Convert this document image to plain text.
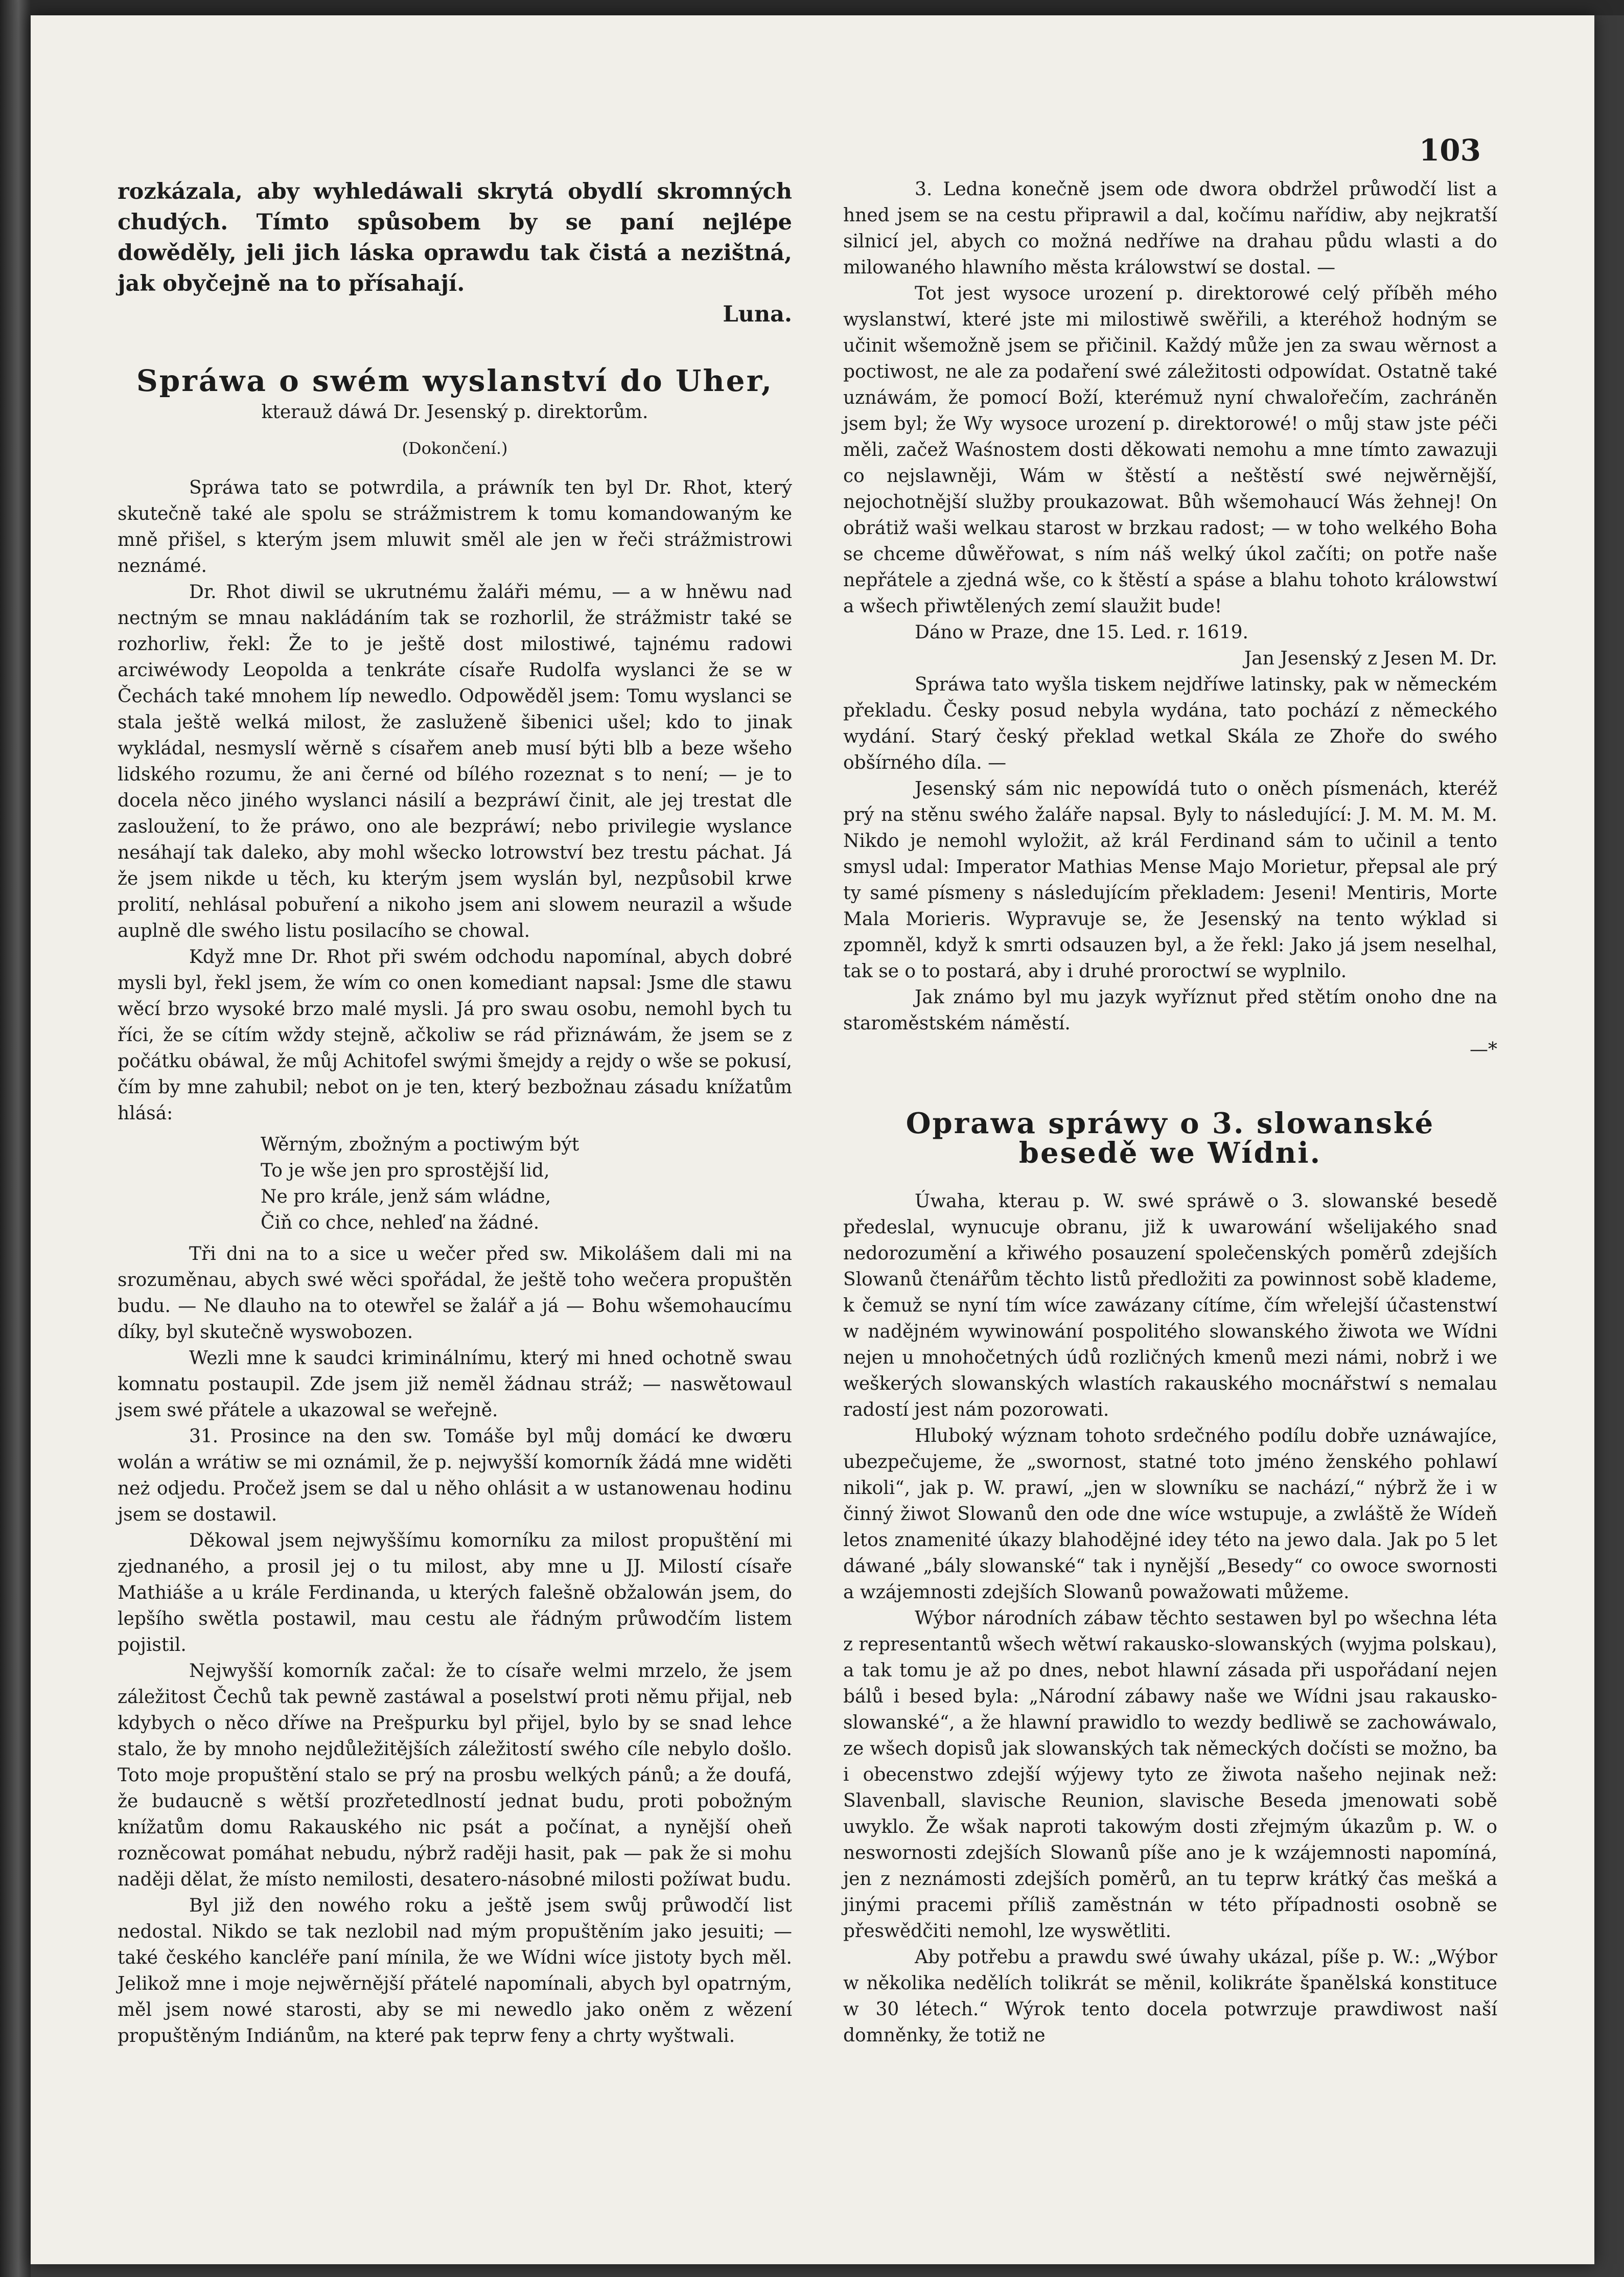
103

rozkázala, aby wyhledáwali skrytá obydlí skromných chudých. Tímto spůsobem by se paní nejlépe dowěděly, jeli jich láska oprawdu tak čistá a nezištná, jak obyčejně na to přísahají.

Luna.

Spráwa o swém wyslanství do Uher,

kterauž dáwá Dr. Jesenský p. direktorům.

(Dokončení.)

Spráwa tato se potwrdila, a práwník ten byl Dr. Rhot, který skutečně také ale spolu se strážmistrem k tomu komandowaným ke mně přišel, s kterým jsem mluwit směl ale jen w řeči strážmistrowi neznámé.

Dr. Rhot diwil se ukrutnému žaláři mému, — a w hněwu nad nectným se mnau nakládáním tak se rozhorlil, že strážmistr také se rozhorliw, řekl: Že to je ještě dost milostiwé, tajnému radowi arciwéwody Leopolda a tenkráte císaře Rudolfa wyslanci že se w Čechách také mnohem líp newedlo. Odpowěděl jsem: Tomu wyslanci se stala ještě welká milost, že zasluženě šibenici ušel; kdo to jinak wykládal, nesmyslí wěrně s císařem aneb musí býti blb a beze wšeho lidského rozumu, že ani černé od bílého rozeznat s to není; — je to docela něco jiného wyslanci násilí a bezpráwí činit, ale jej trestat dle zasloužení, to že práwo, ono ale bezpráwí; nebo privilegie wyslance nesáhají tak daleko, aby mohl wšecko lotrowství bez trestu páchat. Já že jsem nikde u těch, ku kterým jsem wyslán byl, nezpůsobil krwe prolití, nehlásal pobuření a nikoho jsem ani slowem neurazil a wšude auplně dle swého listu posilacího se chowal.

Když mne Dr. Rhot při swém odchodu napomínal, abych dobré mysli byl, řekl jsem, že wím co onen komediant napsal: Jsme dle stawu wěcí brzo wysoké brzo malé mysli. Já pro swau osobu, nemohl bych tu říci, že se cítím wždy stejně, ačkoliw se rád přiznáwám, že jsem se z počátku obáwal, že můj Achitofel swými šmejdy a rejdy o wše se pokusí, čím by mne zahubil; nebot on je ten, který bezbožnau zásadu knížatům hlásá:

Wěrným, zbožným a poctiwým být
To je wše jen pro sprostější lid,
Ne pro krále, jenž sám wládne,
Čiň co chce, nehleď na žádné.

Tři dni na to a sice u wečer před sw. Mikolášem dali mi na srozuměnau, abych swé wěci spořádal, že ještě toho wečera propuštěn budu. — Ne dlauho na to otewřel se žalář a já — Bohu wšemohaucímu díky, byl skutečně wyswobozen.

Wezli mne k saudci kriminálnímu, který mi hned ochotně swau komnatu postaupil. Zde jsem již neměl žádnau stráž; — naswětowaul jsem swé přátele a ukazowal se weřejně.

31. Prosince na den sw. Tomáše byl můj domácí ke dwœru wolán a wrátiw se mi oznámil, že p. nejwyšší komorník žádá mne widěti neż odjedu. Pročež jsem se dal u něho ohlásit a w ustanowenau hodinu jsem se dostawil.

Děkowal jsem nejwyššímu komorníku za milost propuštění mi zjednaného, a prosil jej o tu milost, aby mne u JJ. Milostí císaře Mathiáše a u krále Ferdinanda, u kterých falešně obžalowán jsem, do lepšího swětla postawil, mau cestu ale řádným průwodčím listem pojistil.

Nejwyšší komorník začal: že to císaře welmi mrzelo, že jsem záležitost Čechů tak pewně zastáwal a poselstwí proti němu přijal, neb kdybych o něco dříwe na Prešpurku byl přijel, bylo by se snad lehce stalo, že by mnoho nejdůležitějších záležitostí swého cíle nebylo došlo. Toto moje propuštění stalo se prý na prosbu welkých pánů; a že doufá, že budaucně s wětší prozřetedlností jednat budu, proti pobožným knížatům domu Rakauského nic psát a počínat, a nynější oheň rozněcowat pomáhat nebudu, nýbrž raději hasit, pak — pak že si mohu naději dělat, že místo nemilosti, desatero-násobné milosti požíwat budu.

Byl již den nowého roku a ještě jsem swůj průwodčí list nedostal. Nikdo se tak nezlobil nad mým propuštěním jako jesuiti; — také českého kancléře paní mínila, že we Wídni wíce jistoty bych měl. Jelikož mne i moje nejwěrnější přátelé napomínali, abych byl opatrným, měl jsem nowé starosti, aby se mi newedlo jako oněm z wězení propuštěným Indiánům, na které pak teprw feny a chrty wyštwali.

3. Ledna konečně jsem ode dwora obdržel průwodčí list a hned jsem se na cestu připrawil a dal, kočímu nařídiw, aby nejkratší silnicí jel, abych co možná nedříwe na drahau půdu wlasti a do milowaného hlawního města králowstwí se dostal. —

Tot jest wysoce urození p. direktorowé celý příběh mého wyslanstwí, které jste mi milostiwě swěřili, a kteréhož hodným se učinit wšemožně jsem se přičinil. Každý může jen za swau wěrnost a poctiwost, ne ale za podaření swé záležitosti odpowídat. Ostatně také uznáwám, že pomocí Boží, kterémuž nyní chwalořečím, zachráněn jsem byl; že Wy wysoce urození p. direktorowé! o můj staw jste péči měli, začež Waśnostem dosti děkowati nemohu a mne tímto zawazuji co nejslawněji, Wám w štěstí a neštěstí swé nejwěrnější, nejochotnější služby proukazowat. Bůh wšemohaucí Wás žehnej! On obrátiž waši welkau starost w brzkau radost; — w toho welkého Boha se chceme důwěřowat, s ním náš welký úkol začíti; on potře naše nepřátele a zjedná wše, co k štěstí a spáse a blahu tohoto králowstwí a wšech přiwtělených zemí slaužit bude!

Dáno w Praze, dne 15. Led. r. 1619.

Jan Jesenský z Jesen M. Dr.

Spráwa tato wyšla tiskem nejdříwe latinsky, pak w německém překladu. Česky posud nebyla wydána, tato pochází z německého wydání. Starý český překlad wetkal Skála ze Zhoře do swého obšírného díla. —

Jesenský sám nic nepowídá tuto o oněch písmenách, kteréž prý na stěnu swého žaláře napsal. Byly to následující: J. M. M. M. M. Nikdo je nemohl wyložit, až král Ferdinand sám to učinil a tento smysl udal: Imperator Mathias Mense Majo Morietur, přepsal ale prý ty samé písmeny s následujícím překladem: Jeseni! Mentiris, Morte Mala Morieris. Wypravuje se, že Jesenský na tento wýklad si zpomněl, když k smrti odsauzen byl, a že řekl: Jako já jsem neselhal, tak se o to postará, aby i druhé proroctwí se wyplnilo.

Jak známo byl mu jazyk wyříznut před stětím onoho dne na staroměstském náměstí.

—*

Oprawa spráwy o 3. slowanské besedě we Wídni.

Úwaha, kterau p. W. swé spráwě o 3. slowanské besedě předeslal, wynucuje obranu, již k uwarowání wšelijakého snad nedorozumění a křiwého posauzení společenských poměrů zdejších Slowanů čtenářům těchto listů předložiti za powinnost sobě klademe, k čemuž se nyní tím wíce zawázany cítíme, čím wřelejší účastenstwí w nadějném wywinowání pospolitého slowanského žiwota we Wídni nejen u mnohočetných údů rozličných kmenů mezi námi, nobrž i we weškerých slowanských wlastích rakauského mocnářstwí s nemalau radostí jest nám pozorowati.

Hluboký wýznam tohoto srdečného podílu dobře uznáwajíce, ubezpečujeme, že „swornost, statné toto jméno ženského pohlawí nikoli“, jak p. W. prawí, „jen w slowníku se nachází,“ nýbrž že i w činný žiwot Slowanů den ode dne wíce wstupuje, a zwláště že Wídeň letos znamenité úkazy blahodějné idey této na jewo dala. Jak po 5 let dáwané „bály slowanské“ tak i nynější „Besedy“ co owoce swornosti a wzájemnosti zdejších Slowanů powažowati můžeme.

Wýbor národních zábaw těchto sestawen byl po wšechna léta z representantů wšech wětwí rakausko-slowanských (wyjma polskau), a tak tomu je až po dnes, nebot hlawní zásada při uspořádaní nejen bálů i besed byla: „Národní zábawy naše we Wídni jsau rakausko-slowanské“, a že hlawní prawidlo to wezdy bedliwě se zachowáwalo, ze wšech dopisů jak slowanských tak německých dočísti se možno, ba i obecenstwo zdejší wýjewy tyto ze žiwota našeho nejinak než: Slavenball, slavische Reunion, slavische Beseda jmenowati sobě uwyklo. Že wšak naproti takowým dosti zřejmým úkazům p. W. o neswornosti zdejších Slowanů píše ano je k wzájemnosti napomíná, jen z neznámosti zdejších poměrů, an tu teprw krátký čas mešká a jinými pracemi příliš zaměstnán w této případnosti osobně se přeswědčiti nemohl, lze wyswětliti.

Aby potřebu a prawdu swé úwahy ukázal, píše p. W.: „Wýbor w několika nedělích tolikrát se měnil, kolikráte španělská konstituce w 30 létech.“ Wýrok tento docela potwrzuje prawdiwost naší domněnky, že totiž ne
